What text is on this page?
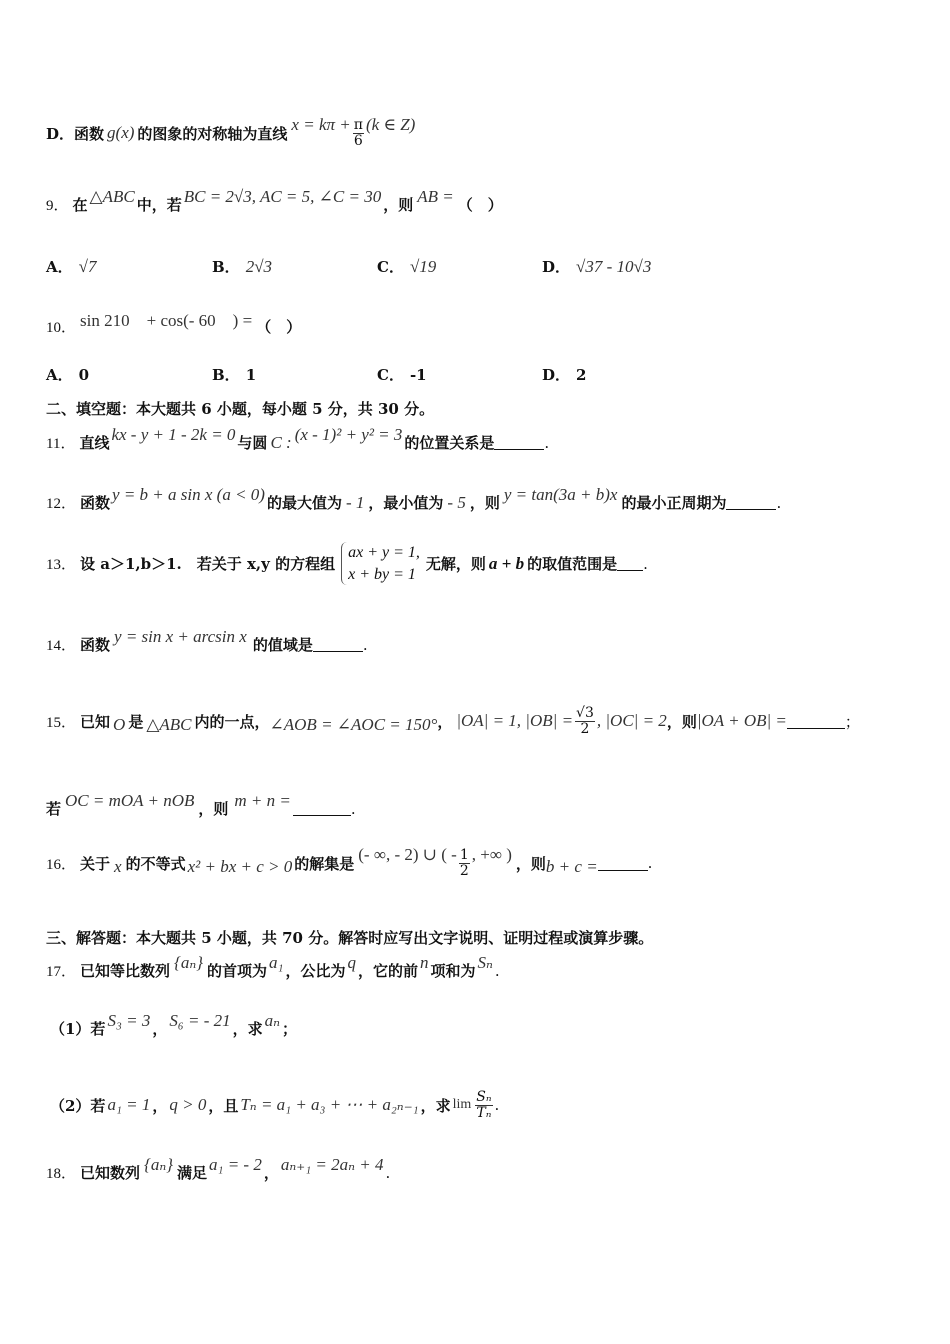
D． 函数 g(x) 的图象的对称轴为直线 $x = k\pi + \frac{\pi}{6} (k$ ∈ Z)
9． 在 △ABC 中，若 BC = 2√3, AC = 5, ∠C = 30 ，则 AB = （　）
A． √7	B． 2√3	C． √19	D． √37 - 10√3
10． sin 210　+ cos(- 60　) = （　）
A． 0	B． 1	C． -1	D． 2
二、填空题：本大题共 6 小题，每小题 5 分，共 30 分。
11． 直线 kx - y + 1 - 2k = 0 与圆 C : (x - 1)² + y² = 3 的位置关系是	.
12． 函数 y = b + a sin x (a < 0) 的最大值为 - 1 ，最小值为 - 5 ，则 y = tan(3a + b)x 的最小正周期为	.
13． 设 a＞1,b＞1.　若关于 x,y 的方程组
ax + y = 1,
x + by = 1
无解，则 a + b 的取值范围是 .
14． 函数 y = sin x + arcsin x 的值域是	.
15． 已知 O 是 △ABC 内的一点， ∠AOB = ∠AOC = 150° ， |OA| = 1, $|OB| = \frac{√3}{2}$ , |OC| = 2 ，则 |OA + OB| =	；
若 OC = mOA + nOB ，则 m + n =	.
16． 关于 x 的不等式 x² + bx + c > 0 的解集是 (- ∞, - 2) ∪ ( - $\frac{1}{2}$ , +∞ ) ，则 b + c =	.
三、解答题：本大题共 5 小题，共 70 分。解答时应写出文字说明、证明过程或演算步骤。
17． 已知等比数列 {aₙ} 的首项为 a₁ ，公比为 q ，它的前 n 项和为 Sₙ .
（1）若 S₃ = 3 ， S₆ = - 21 ，求 aₙ ；
（2）若 a₁ = 1 ， q > 0 ，且 Tₙ = a₁ + a₃ + ⋯ + a₂ₙ₋₁ ，求 $\lim \frac{\text{Sₙ}}{\text{Tₙ}}$ .
18． 已知数列 {aₙ} 满足 a₁ = - 2 ， aₙ₊₁ = 2aₙ + 4 .
